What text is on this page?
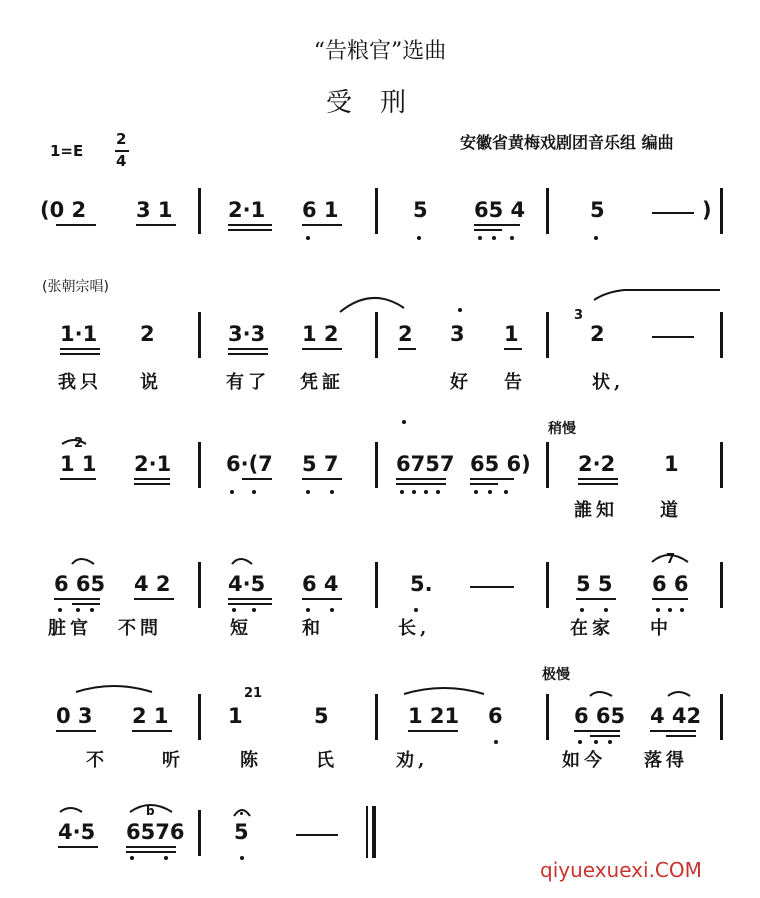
“告粮官”选曲
受刑
1=E
2
4
安徽省黄梅戏剧团音乐组 编曲
(0 2 3 1	2·1 6 1	5 65 4	5	)
(张朝宗唱)
1·1 2	3·3 1 2	2 3 1	2
3
我只 说	有了 凭証	好 告	状,
稍慢
2
1 1 2·1	6·(7 5 7	6757 65 6) 2·2 1
誰知 道
6 65 4 2	4·5 6 4	5.	5 5 6 6
7
脏官 不問	短	和	长,	在家 中
极慢
0 3 2 1	1
21
5	1 21 6	6 65 4 42
不	听	陈	氏	劝,	如今 落得
4·5 6576
b
5
qiyuexuexi.COM
